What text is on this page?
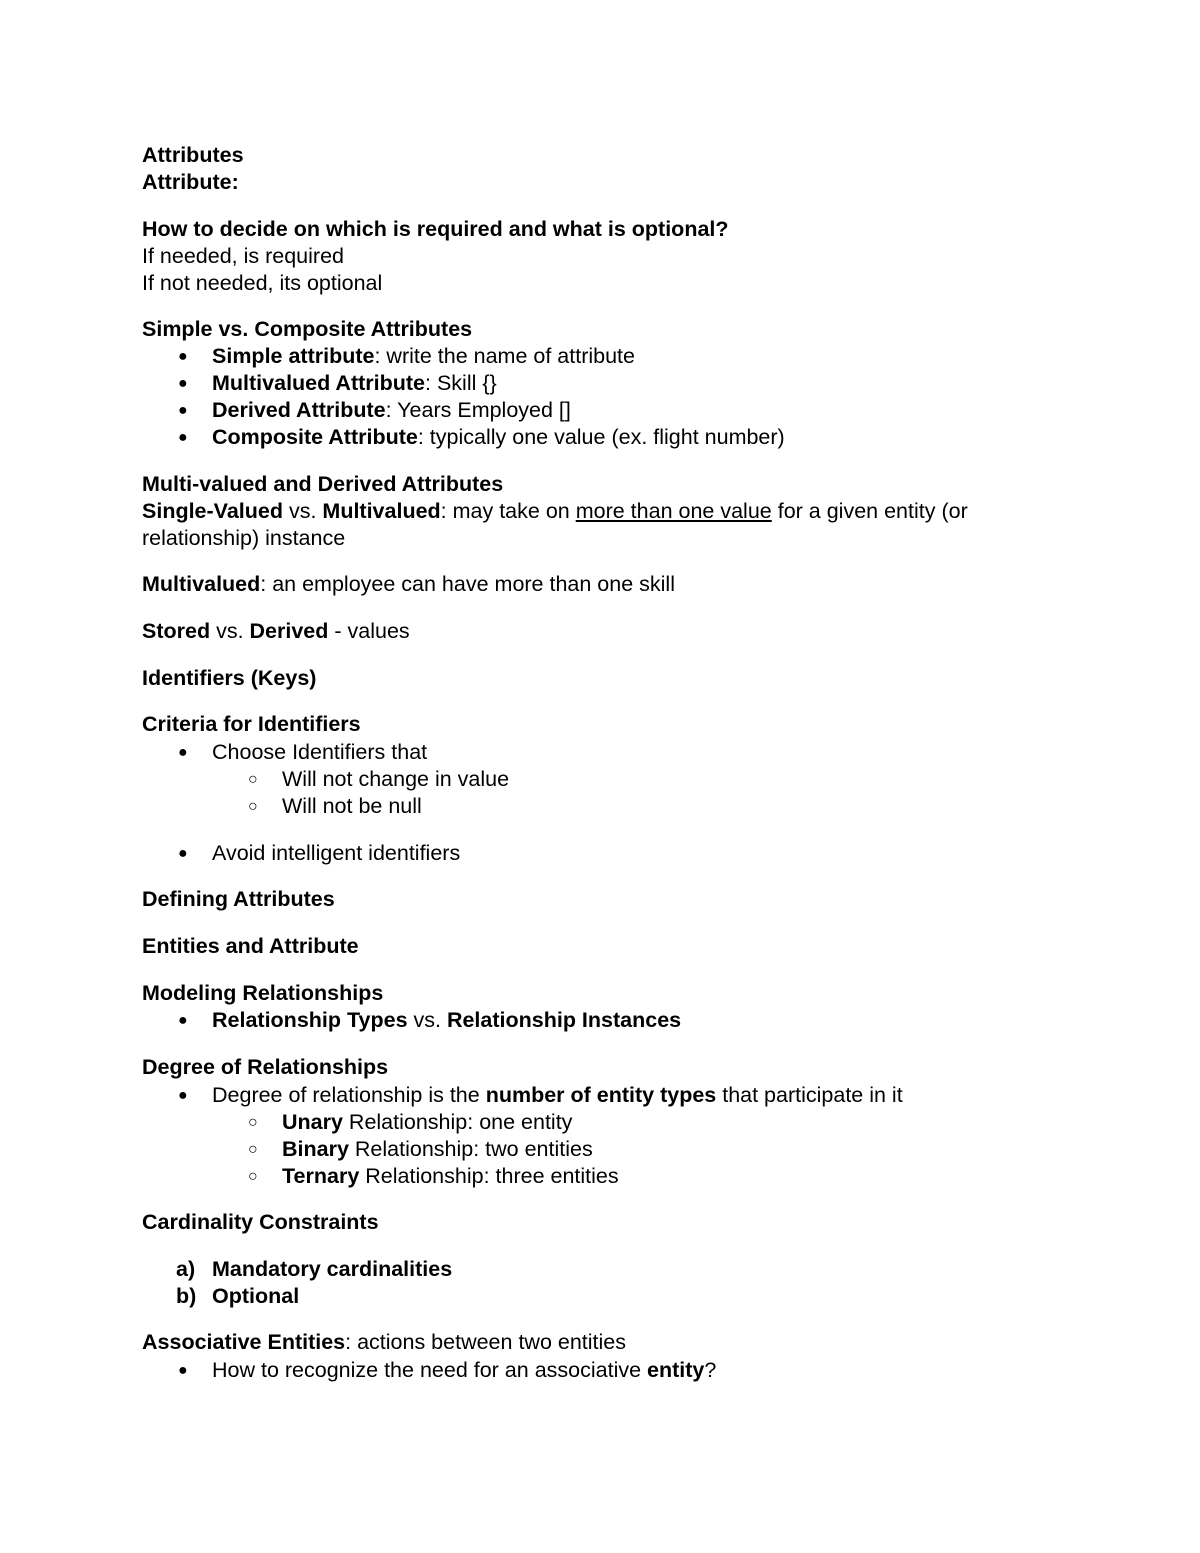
Attributes
Attribute:
How to decide on which is required and what is optional?
If needed, is required
If not needed, its optional
Simple vs. Composite Attributes
● Simple attribute: write the name of attribute
● Multivalued Attribute: Skill {}
● Derived Attribute: Years Employed []
● Composite Attribute: typically one value (ex. flight number)
Multi-valued and Derived Attributes
Single-Valued vs. Multivalued: may take on more than one value for a given entity (or relationship) instance
Multivalued: an employee can have more than one skill
Stored vs. Derived - values
Identifiers (Keys)
Criteria for Identifiers
● Choose Identifiers that
○ Will not change in value
○ Will not be null
● Avoid intelligent identifiers
Defining Attributes
Entities and Attribute
Modeling Relationships
● Relationship Types vs. Relationship Instances
Degree of Relationships
● Degree of relationship is the number of entity types that participate in it
○ Unary Relationship: one entity
○ Binary Relationship: two entities
○ Ternary Relationship: three entities
Cardinality Constraints
a) Mandatory cardinalities
b) Optional
Associative Entities: actions between two entities
● How to recognize the need for an associative entity?
